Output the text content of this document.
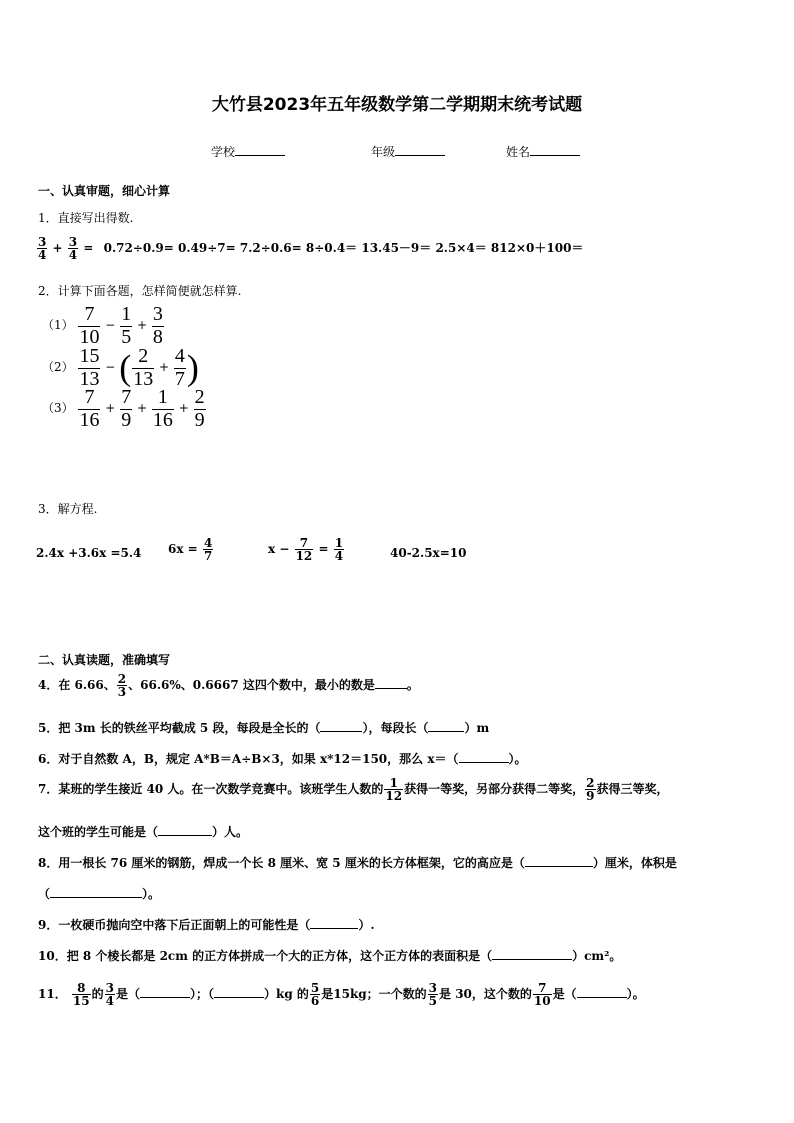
大竹县2023年五年级数学第二学期期末统考试题
学校	年级	姓名
一、认真审题，细心计算
1．直接写出得数.
$\frac{3}{4} + \frac{3}{4} = 0.72\div 0.9= 0.49\div 7= 7.2\div 0.6= 8\div 0.4= 13.45-9= 2.5\times 4= 812\times 0+100=$
2．计算下面各题，怎样简便就怎样算.
$(1) \frac{7}{10} - \frac{1}{5} + \frac{3}{8}$
$(2) \frac{15}{13}$ − ( $\frac{2}{13} + \frac{4}{7}$ )
$(3) \frac{7}{16} + \frac{7}{9} + \frac{1}{16} + \frac{2}{9}$
3．解方程.
2.4x +3.6x =5.4 $6x = \frac{4}{7}$	$x - \frac{7}{12} = \frac{1}{4}$	40-2.5x=10
二、认真读题，准确填写
4．在 6.66、 $\frac{2}{3}$ 、66.6%、0.6667 这四个数中，最小的数是	。
5．把 3m 长的铁丝平均截成 5 段，每段是全长的（	），每段长（	）m
6．对于自然数 A，B，规定 A*B＝A÷B×3，如果 x*12＝150，那么 x＝（	）。
7．某班的学生接近 40 人。在一次数学竞赛中。该班学生人数的 $\frac{1}{12}$ 获得一等奖，另部分获得二等奖， $\frac{2}{9}$ 获得三等奖，
这个班的学生可能是（	）人。
8．用一根长 76 厘米的钢筋，焊成一个长 8 厘米、宽 5 厘米的长方体框架，它的高应是（	）厘米，体积是
（	）。
9．一枚硬币抛向空中落下后正面朝上的可能性是（	）.
10．把 8 个棱长都是 2cm 的正方体拼成一个大的正方体，这个正方体的表面积是（	）cm²。
11． $\frac{8}{15}$ 的 $\frac{3}{4}$ 是（	）；（	）kg 的 $\frac{5}{6}$ 是15kg；一个数的 $\frac{3}{5}$ 是 30，这个数的 $\frac{7}{10}$ 是（	）。
